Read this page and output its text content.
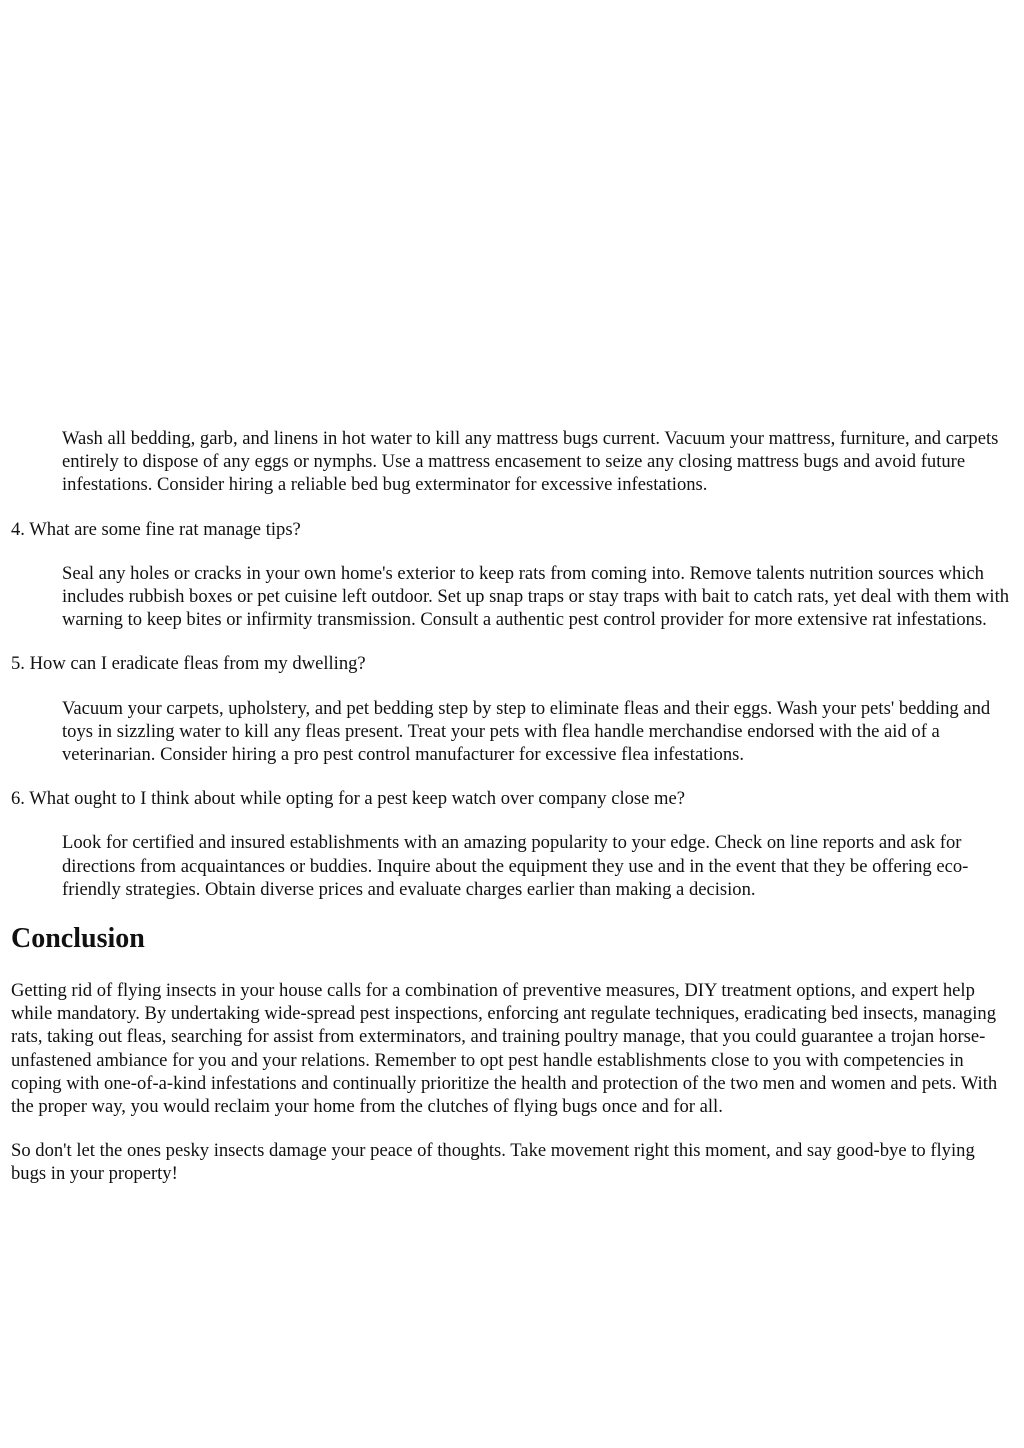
Wash all bedding, garb, and linens in hot water to kill any mattress bugs current. Vacuum your mattress, furniture, and carpets entirely to dispose of any eggs or nymphs. Use a mattress encasement to seize any closing mattress bugs and avoid future infestations. Consider hiring a reliable bed bug exterminator for excessive infestations.
4. What are some fine rat manage tips?
Seal any holes or cracks in your own home's exterior to keep rats from coming into. Remove talents nutrition sources which includes rubbish boxes or pet cuisine left outdoor. Set up snap traps or stay traps with bait to catch rats, yet deal with them with warning to keep bites or infirmity transmission. Consult a authentic pest control provider for more extensive rat infestations.
5. How can I eradicate fleas from my dwelling?
Vacuum your carpets, upholstery, and pet bedding step by step to eliminate fleas and their eggs. Wash your pets' bedding and toys in sizzling water to kill any fleas present. Treat your pets with flea handle merchandise endorsed with the aid of a veterinarian. Consider hiring a pro pest control manufacturer for excessive flea infestations.
6. What ought to I think about while opting for a pest keep watch over company close me?
Look for certified and insured establishments with an amazing popularity to your edge. Check on line reports and ask for directions from acquaintances or buddies. Inquire about the equipment they use and in the event that they be offering eco-friendly strategies. Obtain diverse prices and evaluate charges earlier than making a decision.
Conclusion

Getting rid of flying insects in your house calls for a combination of preventive measures, DIY treatment options, and expert help while mandatory. By undertaking wide-spread pest inspections, enforcing ant regulate techniques, eradicating bed insects, managing rats, taking out fleas, searching for assist from exterminators, and training poultry manage, that you could guarantee a trojan horse-unfastened ambiance for you and your relations. Remember to opt pest handle establishments close to you with competencies in coping with one-of-a-kind infestations and continually prioritize the health and protection of the two men and women and pets. With the proper way, you would reclaim your home from the clutches of flying bugs once and for all.

So don't let the ones pesky insects damage your peace of thoughts. Take movement right this moment, and say good-bye to flying bugs in your property!
